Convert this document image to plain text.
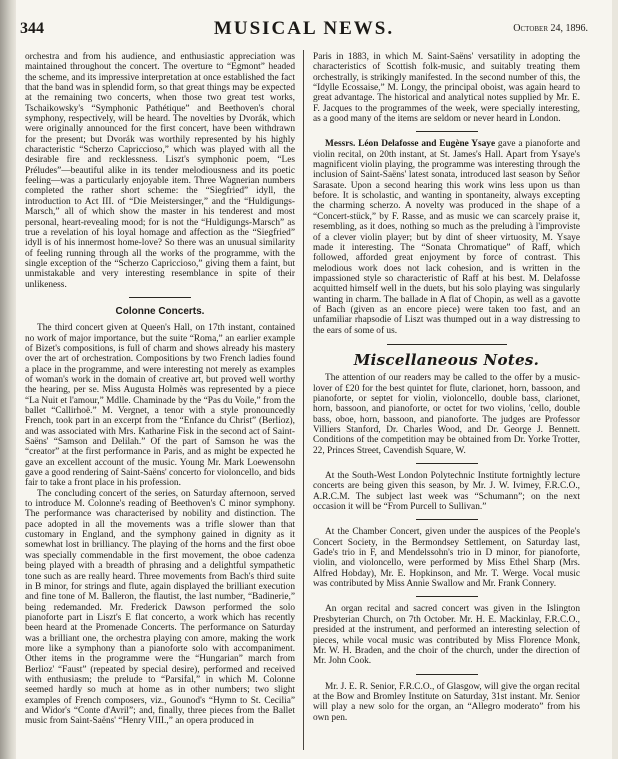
344	MUSICAL NEWS.	October 24, 1896.

orchestra and from his audience, and enthusiastic appreciation was maintained throughout the concert. The overture to “Egmont” headed the scheme, and its impressive interpretation at once established the fact that the band was in splendid form, so that great things may be expected at the remaining two concerts, when those two great test works, Tschaikowsky's “Symphonic Pathétique” and Beethoven's choral symphony, respectively, will be heard. The novelties by Dvorák, which were originally announced for the first concert, have been withdrawn for the present; but Dvorák was worthily represented by his highly characteristic “Scherzo Capriccioso,” which was played with all the desirable fire and recklessness. Liszt's symphonic poem, “Les Préludes”—beautiful alike in its tender melodiousness and its poetic feeling—was a particularly enjoyable item. Three Wagnerian numbers completed the rather short scheme: the “Siegfried” idyll, the introduction to Act III. of “Die Meistersinger,” and the “Huldigungs-Marsch,” all of which show the master in his tenderest and most personal, heart-revealing mood; for is not the “Huldigungs-Marsch” as true a revelation of his loyal homage and affection as the “Siegfried” idyll is of his innermost home-love? So there was an unusual similarity of feeling running through all the works of the programme, with the single exception of the “Scherzo Capriccioso,” giving them a faint, but unmistakable and very interesting resemblance in spite of their unlikeness.

Colonne Concerts.

The third concert given at Queen's Hall, on 17th instant, contained no work of major importance, but the suite “Roma,” an earlier example of Bizet's compositions, is full of charm and shows already his mastery over the art of orchestration. Compositions by two French ladies found a place in the programme, and were interesting not merely as examples of woman's work in the domain of creative art, but proved well worthy the hearing, per se. Miss Augusta Holmès was represented by a piece “La Nuit et l'amour,” Mdlle. Chaminade by the “Pas du Voile,” from the ballet “Callirhoë.” M. Vergnet, a tenor with a style pronouncedly French, took part in an excerpt from the “Enfance du Christ” (Berlioz), and was associated with Mrs. Katharine Fisk in the second act of Saint-Saëns' “Samson and Delilah.” Of the part of Samson he was the “creator” at the first performance in Paris, and as might be expected he gave an excellent account of the music. Young Mr. Mark Loewensohn gave a good rendering of Saint-Saëns' concerto for violoncello, and bids fair to take a front place in his profession.

The concluding concert of the series, on Saturday afternoon, served to introduce M. Colonne's reading of Beethoven's C minor symphony. The performance was characterised by nobility and distinction. The pace adopted in all the movements was a trifle slower than that customary in England, and the symphony gained in dignity as it somewhat lost in brilliancy. The playing of the horns and the first oboe was specially commendable in the first movement, the oboe cadenza being played with a breadth of phrasing and a delightful sympathetic tone such as are really heard. Three movements from Bach's third suite in B minor, for strings and flute, again displayed the brilliant execution and fine tone of M. Balleron, the flautist, the last number, “Badinerie,” being redemanded. Mr. Frederick Dawson performed the solo pianoforte part in Liszt's E flat concerto, a work which has recently been heard at the Promenade Concerts. The performance on Saturday was a brilliant one, the orchestra playing con amore, making the work more like a symphony than a pianoforte solo with accompaniment. Other items in the programme were the “Hungarian” march from Berlioz' “Faust” (repeated by special desire), performed and received with enthusiasm; the prelude to “Parsifal,” in which M. Colonne seemed hardly so much at home as in other numbers; two slight examples of French composers, viz., Gounod's “Hymn to St. Cecilia” and Widor's “Conte d'Avril”; and, finally, three pieces from the Ballet music from Saint-Saëns' “Henry VIII.,” an opera produced in

Paris in 1883, in which M. Saint-Saëns' versatility in adopting the characteristics of Scottish folk-music, and suitably treating them orchestrally, is strikingly manifested. In the second number of this, the “Idylle Ecossaise,” M. Longy, the principal oboist, was again heard to great advantage. The historical and analytical notes supplied by Mr. E. F. Jacques to the programmes of the week, were specially interesting, as a good many of the items are seldom or never heard in London.

Messrs. Léon Delafosse and Eugène Ysaye gave a pianoforte and violin recital, on 20th instant, at St. James's Hall. Apart from Ysaye's magnificent violin playing, the programme was interesting through the inclusion of Saint-Saëns' latest sonata, introduced last season by Señor Sarasate. Upon a second hearing this work wins less upon us than before. It is scholastic, and wanting in spontaneity, always excepting the charming scherzo. A novelty was produced in the shape of a “Concert-stück,” by F. Rasse, and as music we can scarcely praise it, resembling, as it does, nothing so much as the preluding à l'improviste of a clever violin player; but by dint of sheer virtuosity, M. Ysaye made it interesting. The “Sonata Chromatique” of Raff, which followed, afforded great enjoyment by force of contrast. This melodious work does not lack cohesion, and is written in the impassioned style so characteristic of Raff at his best. M. Delafosse acquitted himself well in the duets, but his solo playing was singularly wanting in charm. The ballade in A flat of Chopin, as well as a gavotte of Bach (given as an encore piece) were taken too fast, and an unfamiliar rhapsodie of Liszt was thumped out in a way distressing to the ears of some of us.

Miscellaneous Notes.

The attention of our readers may be called to the offer by a music-lover of £20 for the best quintet for flute, clarionet, horn, bassoon, and pianoforte, or septet for violin, violoncello, double bass, clarionet, horn, bassoon, and pianoforte, or octet for two violins, 'cello, double bass, oboe, horn, bassoon, and pianoforte. The judges are Professor Villiers Stanford, Dr. Charles Wood, and Dr. George J. Bennett. Conditions of the competition may be obtained from Dr. Yorke Trotter, 22, Princes Street, Cavendish Square, W.

At the South-West London Polytechnic Institute fortnightly lecture concerts are being given this season, by Mr. J. W. Ivimey, F.R.C.O., A.R.C.M. The subject last week was “Schumann”; on the next occasion it will be “From Purcell to Sullivan.”

At the Chamber Concert, given under the auspices of the People's Concert Society, in the Bermondsey Settlement, on Saturday last, Gade's trio in F, and Mendelssohn's trio in D minor, for pianoforte, violin, and violoncello, were performed by Miss Ethel Sharp (Mrs. Alfred Hobday), Mr. E. Hopkinson, and Mr. T. Werge. Vocal music was contributed by Miss Annie Swallow and Mr. Frank Connery.

An organ recital and sacred concert was given in the Islington Presbyterian Church, on 7th October. Mr. H. E. Mackinlay, F.R.C.O., presided at the instrument, and performed an interesting selection of pieces, while vocal music was contributed by Miss Florence Monk, Mr. W. H. Braden, and the choir of the church, under the direction of Mr. John Cook.

Mr. J. E. R. Senior, F.R.C.O., of Glasgow, will give the organ recital at the Bow and Bromley Institute on Saturday, 31st instant. Mr. Senior will play a new solo for the organ, an “Allegro moderato” from his own pen.
